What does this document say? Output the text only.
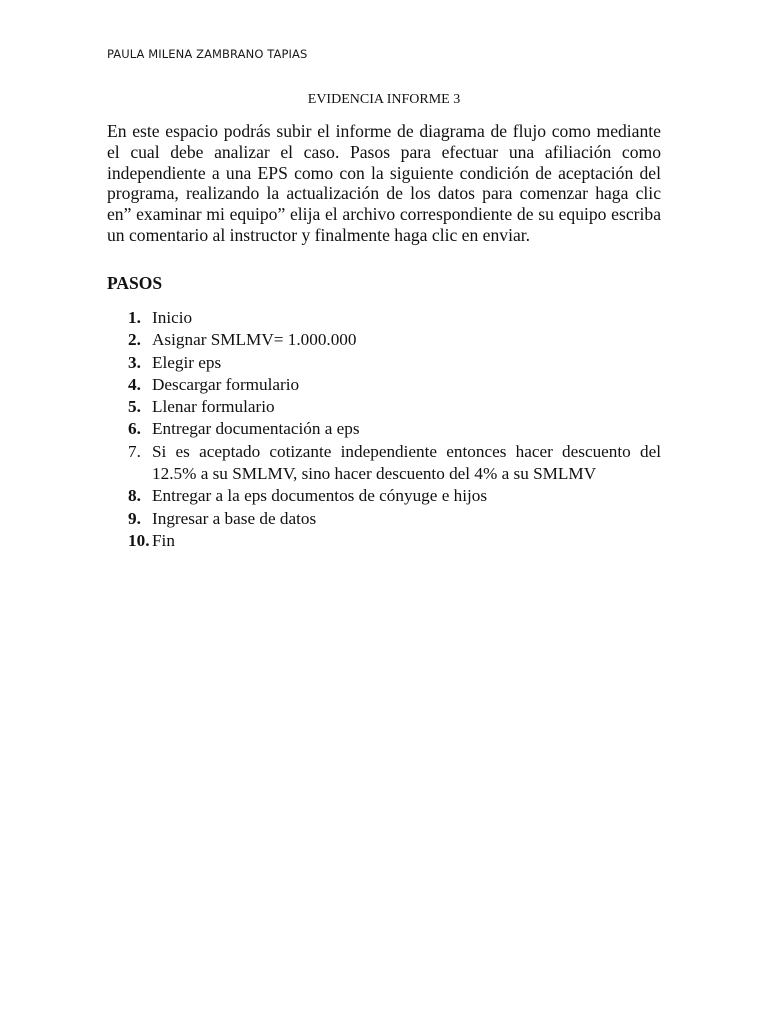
PAULA MILENA ZAMBRANO TAPIAS
EVIDENCIA INFORME 3

En este espacio podrás subir el informe de diagrama de flujo como mediante el cual debe analizar el caso. Pasos para efectuar una afiliación como independiente a una EPS como con la siguiente condición de aceptación del programa, realizando la actualización de los datos para comenzar haga clic en” examinar mi equipo” elija el archivo correspondiente de su equipo escriba un comentario al instructor y finalmente haga clic en enviar.

PASOS
1. Inicio
2. Asignar SMLMV= 1.000.000
3. Elegir eps
4. Descargar formulario
5. Llenar formulario
6. Entregar documentación a eps
7. Si es aceptado cotizante independiente entonces hacer descuento del 12.5% a su SMLMV, sino hacer descuento del 4% a su SMLMV
8. Entregar a la eps documentos de cónyuge e hijos
9. Ingresar a base de datos
10. Fin
